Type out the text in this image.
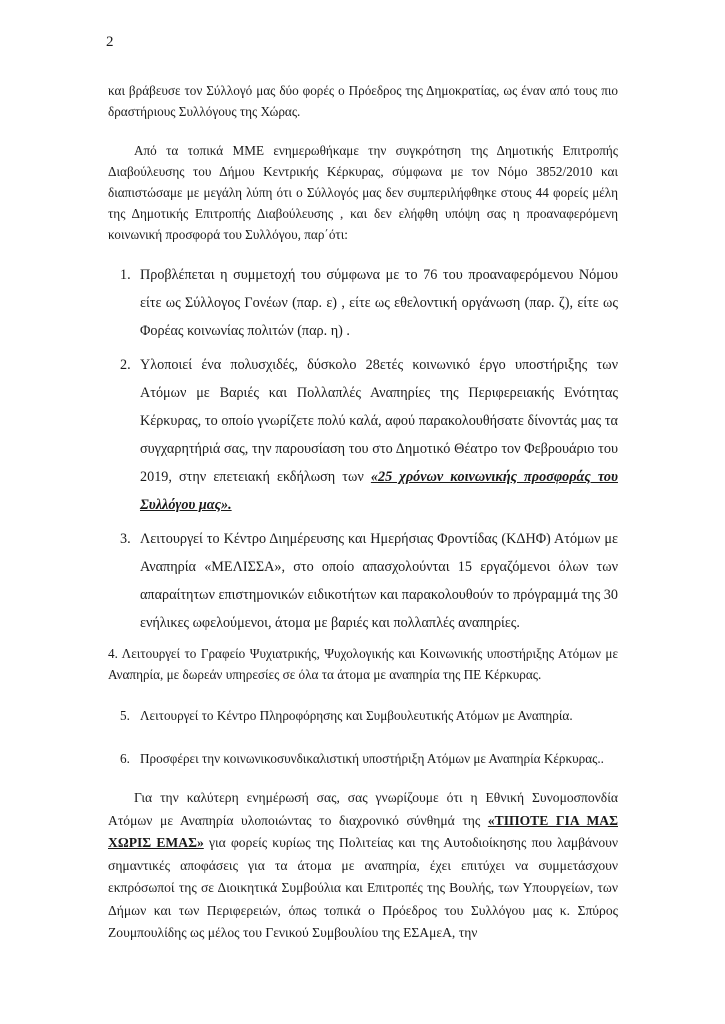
2

και βράβευσε τον Σύλλογό μας δύο φορές ο Πρόεδρος της Δημοκρατίας, ως έναν από τους πιο δραστήριους Συλλόγους της Χώρας.

Από τα τοπικά ΜΜΕ ενημερωθήκαμε την συγκρότηση της Δημοτικής Επιτροπής Διαβούλευσης του Δήμου Κεντρικής Κέρκυρας, σύμφωνα με τον Νόμο 3852/2010 και διαπιστώσαμε με μεγάλη λύπη ότι ο Σύλλογός μας δεν συμπεριλήφθηκε στους 44 φορείς μέλη της Δημοτικής Επιτροπής Διαβούλευσης , και δεν ελήφθη υπόψη σας η προαναφερόμενη κοινωνική προσφορά του Συλλόγου, παρ΄ότι:

1. Προβλέπεται η συμμετοχή του σύμφωνα με το 76 του προαναφερόμενου Νόμου είτε ως Σύλλογος Γονέων (παρ. ε) , είτε ως εθελοντική οργάνωση (παρ. ζ), είτε ως Φορέας κοινωνίας πολιτών (παρ. η) .
2. Υλοποιεί ένα πολυσχιδές, δύσκολο 28ετές κοινωνικό έργο υποστήριξης των Ατόμων με Βαριές και Πολλαπλές Αναπηρίες της Περιφερειακής Ενότητας Κέρκυρας, το οποίο γνωρίζετε πολύ καλά, αφού παρακολουθήσατε δίνοντάς μας τα συγχαρητήριά σας, την παρουσίαση του στο Δημοτικό Θέατρο τον Φεβρουάριο του 2019, στην επετειακή εκδήλωση των «25 χρόνων κοινωνικής προσφοράς του Συλλόγου μας».
3. Λειτουργεί το Κέντρο Διημέρευσης και Ημερήσιας Φροντίδας (ΚΔΗΦ) Ατόμων με Αναπηρία «ΜΕΛΙΣΣΑ», στο οποίο απασχολούνται 15 εργαζόμενοι όλων των απαραίτητων επιστημονικών ειδικοτήτων και παρακολουθούν το πρόγραμμά της 30 ενήλικες ωφελούμενοι, άτομα με βαριές και πολλαπλές αναπηρίες.
4. Λειτουργεί το Γραφείο Ψυχιατρικής, Ψυχολογικής και Κοινωνικής υποστήριξης Ατόμων με Αναπηρία, με δωρεάν υπηρεσίες σε όλα τα άτομα με αναπηρία της ΠΕ Κέρκυρας.
5. Λειτουργεί το Κέντρο Πληροφόρησης και Συμβουλευτικής Ατόμων με Αναπηρία.
6. Προσφέρει την κοινωνικοσυνδικαλιστική υποστήριξη Ατόμων με Αναπηρία Κέρκυρας..

Για την καλύτερη ενημέρωσή σας, σας γνωρίζουμε ότι η Εθνική Συνομοσπονδία Ατόμων με Αναπηρία υλοποιώντας το διαχρονικό σύνθημά της «ΤΙΠΟΤΕ ΓΙΑ ΜΑΣ ΧΩΡΙΣ ΕΜΑΣ» για φορείς κυρίως της Πολιτείας και της Αυτοδιοίκησης που λαμβάνουν σημαντικές αποφάσεις για τα άτομα με αναπηρία, έχει επιτύχει να συμμετάσχουν εκπρόσωποί της σε Διοικητικά Συμβούλια και Επιτροπές της Βουλής, των Υπουργείων, των Δήμων και των Περιφερειών, όπως τοπικά ο Πρόεδρος του Συλλόγου μας κ. Σπύρος Ζουμπουλίδης ως μέλος του Γενικού Συμβουλίου της ΕΣΑμεΑ, την
